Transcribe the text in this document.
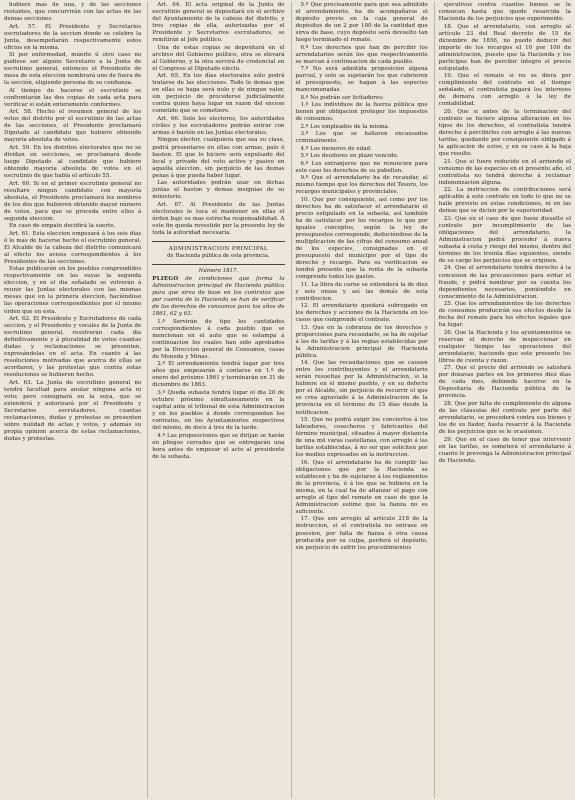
hubiere mas de una, y de las secciones restantes, que concurrirán con las actas de las demas secciones.

Art. 57. El Presidente y Secretarios escrutadores de la seccion donde se celebre la Junta, desempeñarán respectivamente estos oficios en la misma.

Si por enfermedad, muerte ú otro caso no pudiese ser alguno Secretario a la Junta de escrutinio general, entonces el Presidente de mesa de esta eleccion nombrará uno de fuera de la sección, eligiendo persona de su confianza.

Al tiempo de hacerse el escrutinio se confrontarán las dos copias de cada acta para verificar si están enteramente conformes.

Art. 58. Hecho el resumen general de los votos del distrito por el escrutinio de las actas de las secciones, el Presidente proclamará Diputado al candidato que hubiere obtenido mayoría absoluta de votos.

Art. 59. En los distritos electorales que no se dividan en secciones, se proclamará desde luego Diputado al candidato que hubiere obtenido mayoría absoluta de votos en el escrutinio de que habla el artículo 55.

Art. 60. Si en el primer escrutinio general no resultare ningun candidato con mayoría absoluta, el Presidente proclamará los nombres de los dos que hubieren obtenido mayor número de votos, para que se proceda entre ellos á segunda eleccion.

En caso de empate decidirá la suerte.

Art. 61. Esta eleccion empezará á los seis días ó lo mas de hacerse hecho el escrutinio general. El Alcalde de la cabeza del distrito comunicará al efecto los avisos correspondientes á los Presidentes de las secciones.

Estas publicarán en los pueblos comprendidos respectivamente en las suyas la segunda eleccion, y en el dia señalado se volverán á reunir las Juntas electorales con las mismas mesas que en la primera eleccion, haciéndose las operaciones correspondientes por el mismo órden que en esta.

Art. 62. El Presidente y Escrutadores de cada seccion, y el Presidente y vocales de la Junta de escrutinio general, resolverán cada dia definitivamente y á pluralidad de votos cuantas dudas y reclamaciones se presenten, expresándolas en el acta. En cuanto á las resoluciones motivadas que acerca de ellas se acordaren, y las protestas que contra estas resoluciones se hubieren hecho.

Art. 63. La Junta de escrutinio general no tendrá facultad para anular ninguna acta ni voto; pero consignará en la suya, que se extenderá y autorizará por el Presidente y Secretarios escrutadores, cuantas reclamaciones, dudas y protestas se presenten sobre nulidad de actas y votos, y además su propia opinion acerca de estas reclamaciones, dudas y protestas.

Art. 64. El acta original de la Junta de escrutinio general se depositará en el archivo del Ayuntamiento de la cabeza del distrito, y tres copias de ella, autorizadas por el Presidente y Secretarios escrutadores, se remitirán al Jefe político.

Una de estas copias se depositará en el archivo del Gobierno político, otra se elevará al Gobierno, y la otra servirá de credencial en el Congreso al Diputado electo.

Art. 65. En los días electorales sólo podrá tratarse de las elecciones. Todo lo demas que en ellas se haga será nulo y de ningun valor, sin perjuicio de procederse judicialmente contra quien haya lugar en razon del exceso cometido que se cometiere.

Art. 66. Solo los electores, los autoridades civiles y los escrutadores podrán entrar con armas ó bastón en las Juntas electorales.

Ningun elector, cualquiera que sea su clase, podrá presentarse en ellas con armas, palo ó baston. El que lo hiciere será expulsado del local y privado del voto activo y pasivo en aquella eleccion, sin perjuicio de las demas penas á que pueda haber lugar.

Las autoridades podrán usar en dichas juntas el baston y demas insignias de su ministerio.

Art. 67. Al Presidente de las Juntas electorales le toca el mantener en ellas el órden bajo su mas estrecha responsabilidad. A este fin queda revestido por la presente ley de toda la autoridad necesaria.

ADMINISTRACION PRINCIPAL
de Hacienda pública de esta provincia.
Número 1817.

PLIEGO de condiciones que forma la Administracion principal de Hacienda pública para que sirva de base en los contratos que por cuenta de la Hacienda se han de verificar de los derechos de consumos para los años de 1861, 62 y 63.

1.º Servirán de tipo los cantidades correspondientes á cada pueblo que se mencionan en el auto que se estampa á continuacion los cuales han sido aprobados por la Direccion general de Consumos, casas de Moneda y Minas.

2.º El arrendamiento tendrá lugar por tres años que empezarán á contarse en 1.º de enero del próximo 1861 y terminarán en 31 de diciembre de 1863.

3.º Queda subasta tendrá lugar el dia 20 de octubre próximo simultaneamente en la capital ante el tribunal de esta Administracion y en los pueblos á donde correspondan los contratos, en los Ayuntamientos respectivos del mismo, de doce á tres de la tarde.

4.º Las proposiciones que se dirijan se harán en pliegos cerrados que se entregarán una hora antes de empezar el acto al presidente de la subasta.

5.º Que precisamente para que sea admitido el arrendamiento, ha de acompañarse el depósito previo en la caja general de depósitos de un 2 por 100 de la cantidad que sirva de base, cuyo depósito será devuelto tan luego terminado el remate.

6.º Los derechos que han de percibir los arrendatarios serán los que respectivamente se marcan á continuacion de cada pueblo.

7.º No será admitida proposicion alguna parcial, y solo se sujetarán los que cubrieren el presupuesto, se hagan á las especies mancomunadas.

8.º No podrán ser licitadores:

1.º Los individuos de la fuerza pública que tienen por obligacion proteger los impuestos de consumos.

2.º Los empleados de la misma.

3.º Los que se hallaren encausados criminalmente.

4.º Los menores de edad.

5.º Los deudores en plazo vencido.

6.º Los extranjeros que no renuncien para este caso los derechos de su pabellon.

9.º Que el arrendatario ha de recaudar, al mismo tiempo que los derechos del Tesoro, los recargos municipales y provinciales.

10. Que por consiguiente, así como por los derechos ha de satisfacer el arrendatario el precio estipulado en la subasta, así también ha de satisfacer por los recargos lo que por iguales conceptos, según la ley de presupuestos corresponde, deduciéndose de la multiplicacion de las cifras del consumo anual de los especies, consignadas en el presupuesto del municipio por el tipo de derecho y recargo. Para su verificacion se tendrá presente que la renta de la subasta comprende todos los gastos.

11. La libra de carne se entenderá la de diez y seis onzas y así las demás de esta contribucion.

12. El arrendatario quedará subrogado en los derechos y acciones de la Hacienda en los casos que comprende el contrato.

13. Que en la cobranza de los derechos y proporciones para recaudarlo, se ha de sujetar á las de tarifas y á las reglas establecidas por la Administracion principal de Hacienda pública.

14. Que las recaudaciones que se causen entre los contribuyentes y el arrendatario serán resueltas por la Administracion, si la hubiere en el mismo pueblo, y en su defecto por el Alcalde, sin perjuicio de recurrir el que se crea agraviado á la Administracion de la provincia en el término de 15 días desde la notificacion.

15. Que no podrá exigir los conciertos á los labradores, cosecheros y fabricantes del término municipal, situados á mayor distancia de una mil varas castellanas, con arreglo á las tarifas establecidas, á no ser que soliciten por los medios expresados en la instruccion.

16. Que el arrendatario ha de cumplir las obligaciones que por la Hacienda se establecen y ha de sujetarse á los reglamentos de la provincia, ó á los que se hubiera en la misma, en la cual ha de afianzar el pago con arreglo al tipo del remate en caso de que la Administracion estime que la fianza no es suficiente.

17. Que son arreglo al artículo 218 de la instruccion, si el contratista no entrase en posesion, por falta de fianza ó otra causa producida por su culpa, perderá el depósito, sin perjuicio de sufrir los procedimientos

ejecutivos contra cuantos bienes se le conozcan hasta que quede resarcida la Hacienda de los perjuicios que experimente.

18. Que el arrendatario, con arreglo al artículo 23 del Real decreto de 15 de diciembre de 1856, no puede deducir del importe de los recargos el 10 por 100 de administracion, puesto que la Hacienda y los partícipes han de percibir íntegro el precio estipulado.

19. Que el remate si no se diera por cumplimiento del contrato en el tiempo señalado, el contratista pagará los intereses de demora con arreglo á la ley de contabilidad.

20. Que si antes de la terminacion del contrato se hiciere alguna alteracion en los tipos de los derechos, el contratista tendrá derecho á percibirlos con arreglo á las nuevas tarifas, quedando por consiguiente obligado á la aplicacion de estos, y en su caso á la baja que resulte.

21. Que si fuere reducido en el arriendo el consumo de las especies en el presente año, el contratista no tendrá derecho á reclamar indemnizacion alguna.

22. La instruccion de contribuciones será aplicable á este contrato en todo lo que no se halle previsto en estas condiciones, ni en las demas que se dicten por la superioridad.

23. Que en el caso de que fuese disuelto el contrato por incumplimiento de las obligaciones del arrendatario, la Administracion podrá proceder á nueva subasta á costa y riesgo del mismo, dentro del término de los treinta días siguientes, siendo de su cargo los perjuicios que se originen.

24. Que el arrendatario tendrá derecho á la concesion de las precauciones para evitar el fraude, y podrá nombrar por su cuenta los dependientes necesarios, poniéndolo en conocimiento de la Administracion.

25. Que los arrendamientos de los derechos de consumos producirán sus efectos desde la fecha del remate para los efectos legales que ha lugar.

26. Que la Hacienda y los ayuntamientos se reservan el derecho de inspeccionar en cualquier tiempo las operaciones del arrendatario, haciendo que este presente los libros de cuenta y razon.

27. Que el precio del arriendo se satisfará por dozavas partes en los primeros diez días de cada mes, debiendo hacerse en la Depositaría de Hacienda pública de la provincia.

28. Que por falta de cumplimiento de alguna de las cláusulas del contrato por parte del arrendatario, se procederá contra sus bienes y los de su fiador, hasta resarcir á la Hacienda de los perjuicios que se le ocasionen.

29. Que en el caso de tener que intervenir en las tarifas, se someterá el arrendatario á cuanto le prevenga la Administracion principal de Hacienda.
